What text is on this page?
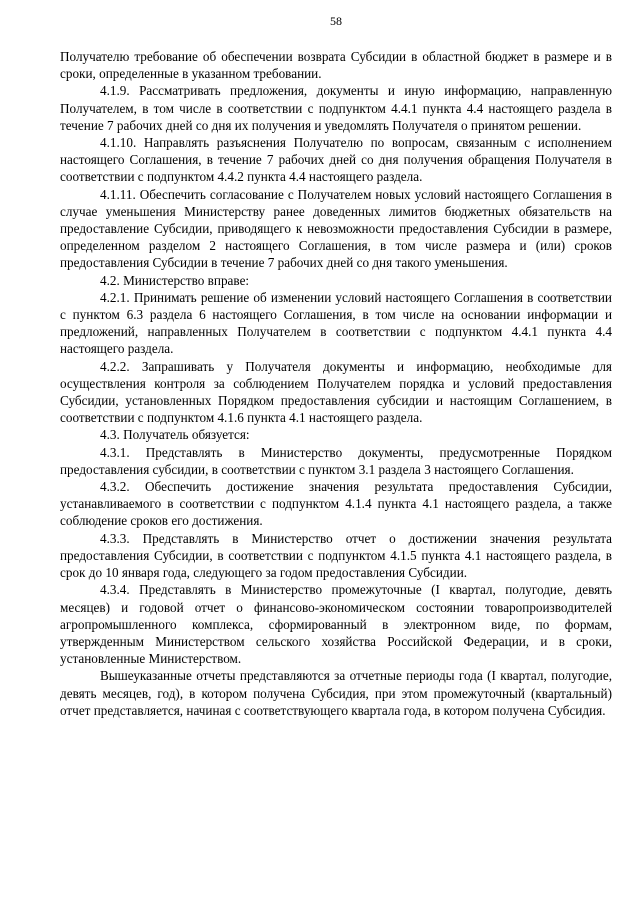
58

Получателю требование об обеспечении возврата Субсидии в областной бюджет в размере и в сроки, определенные в указанном требовании.

4.1.9. Рассматривать предложения, документы и иную информацию, направленную Получателем, в том числе в соответствии с подпунктом 4.4.1 пункта 4.4 настоящего раздела в течение 7 рабочих дней со дня их получения и уведомлять Получателя о принятом решении.

4.1.10. Направлять разъяснения Получателю по вопросам, связанным с исполнением настоящего Соглашения, в течение 7 рабочих дней со дня получения обращения Получателя в соответствии с подпунктом 4.4.2 пункта 4.4 настоящего раздела.

4.1.11. Обеспечить согласование с Получателем новых условий настоящего Соглашения в случае уменьшения Министерству ранее доведенных лимитов бюджетных обязательств на предоставление Субсидии, приводящего к невозможности предоставления Субсидии в размере, определенном разделом 2 настоящего Соглашения, в том числе размера и (или) сроков предоставления Субсидии в течение 7 рабочих дней со дня такого уменьшения.

4.2. Министерство вправе:

4.2.1. Принимать решение об изменении условий настоящего Соглашения в соответствии с пунктом 6.3 раздела 6 настоящего Соглашения, в том числе на основании информации и предложений, направленных Получателем в соответствии с подпунктом 4.4.1 пункта 4.4 настоящего раздела.

4.2.2. Запрашивать у Получателя документы и информацию, необходимые для осуществления контроля за соблюдением Получателем порядка и условий предоставления Субсидии, установленных Порядком предоставления субсидии и настоящим Соглашением, в соответствии с подпунктом 4.1.6 пункта 4.1 настоящего раздела.

4.3. Получатель обязуется:

4.3.1. Представлять в Министерство документы, предусмотренные Порядком предоставления субсидии, в соответствии с пунктом 3.1 раздела 3 настоящего Соглашения.

4.3.2. Обеспечить достижение значения результата предоставления Субсидии, устанавливаемого в соответствии с подпунктом 4.1.4 пункта 4.1 настоящего раздела, а также соблюдение сроков его достижения.

4.3.3. Представлять в Министерство отчет о достижении значения результата предоставления Субсидии, в соответствии с подпунктом 4.1.5 пункта 4.1 настоящего раздела, в срок до 10 января года, следующего за годом предоставления Субсидии.

4.3.4. Представлять в Министерство промежуточные (I квартал, полугодие, девять месяцев) и годовой отчет о финансово-экономическом состоянии товаропроизводителей агропромышленного комплекса, сформированный в электронном виде, по формам, утвержденным Министерством сельского хозяйства Российской Федерации, и в сроки, установленные Министерством.

Вышеуказанные отчеты представляются за отчетные периоды года (I квартал, полугодие, девять месяцев, год), в котором получена Субсидия, при этом промежуточный (квартальный) отчет представляется, начиная с соответствующего квартала года, в котором получена Субсидия.
